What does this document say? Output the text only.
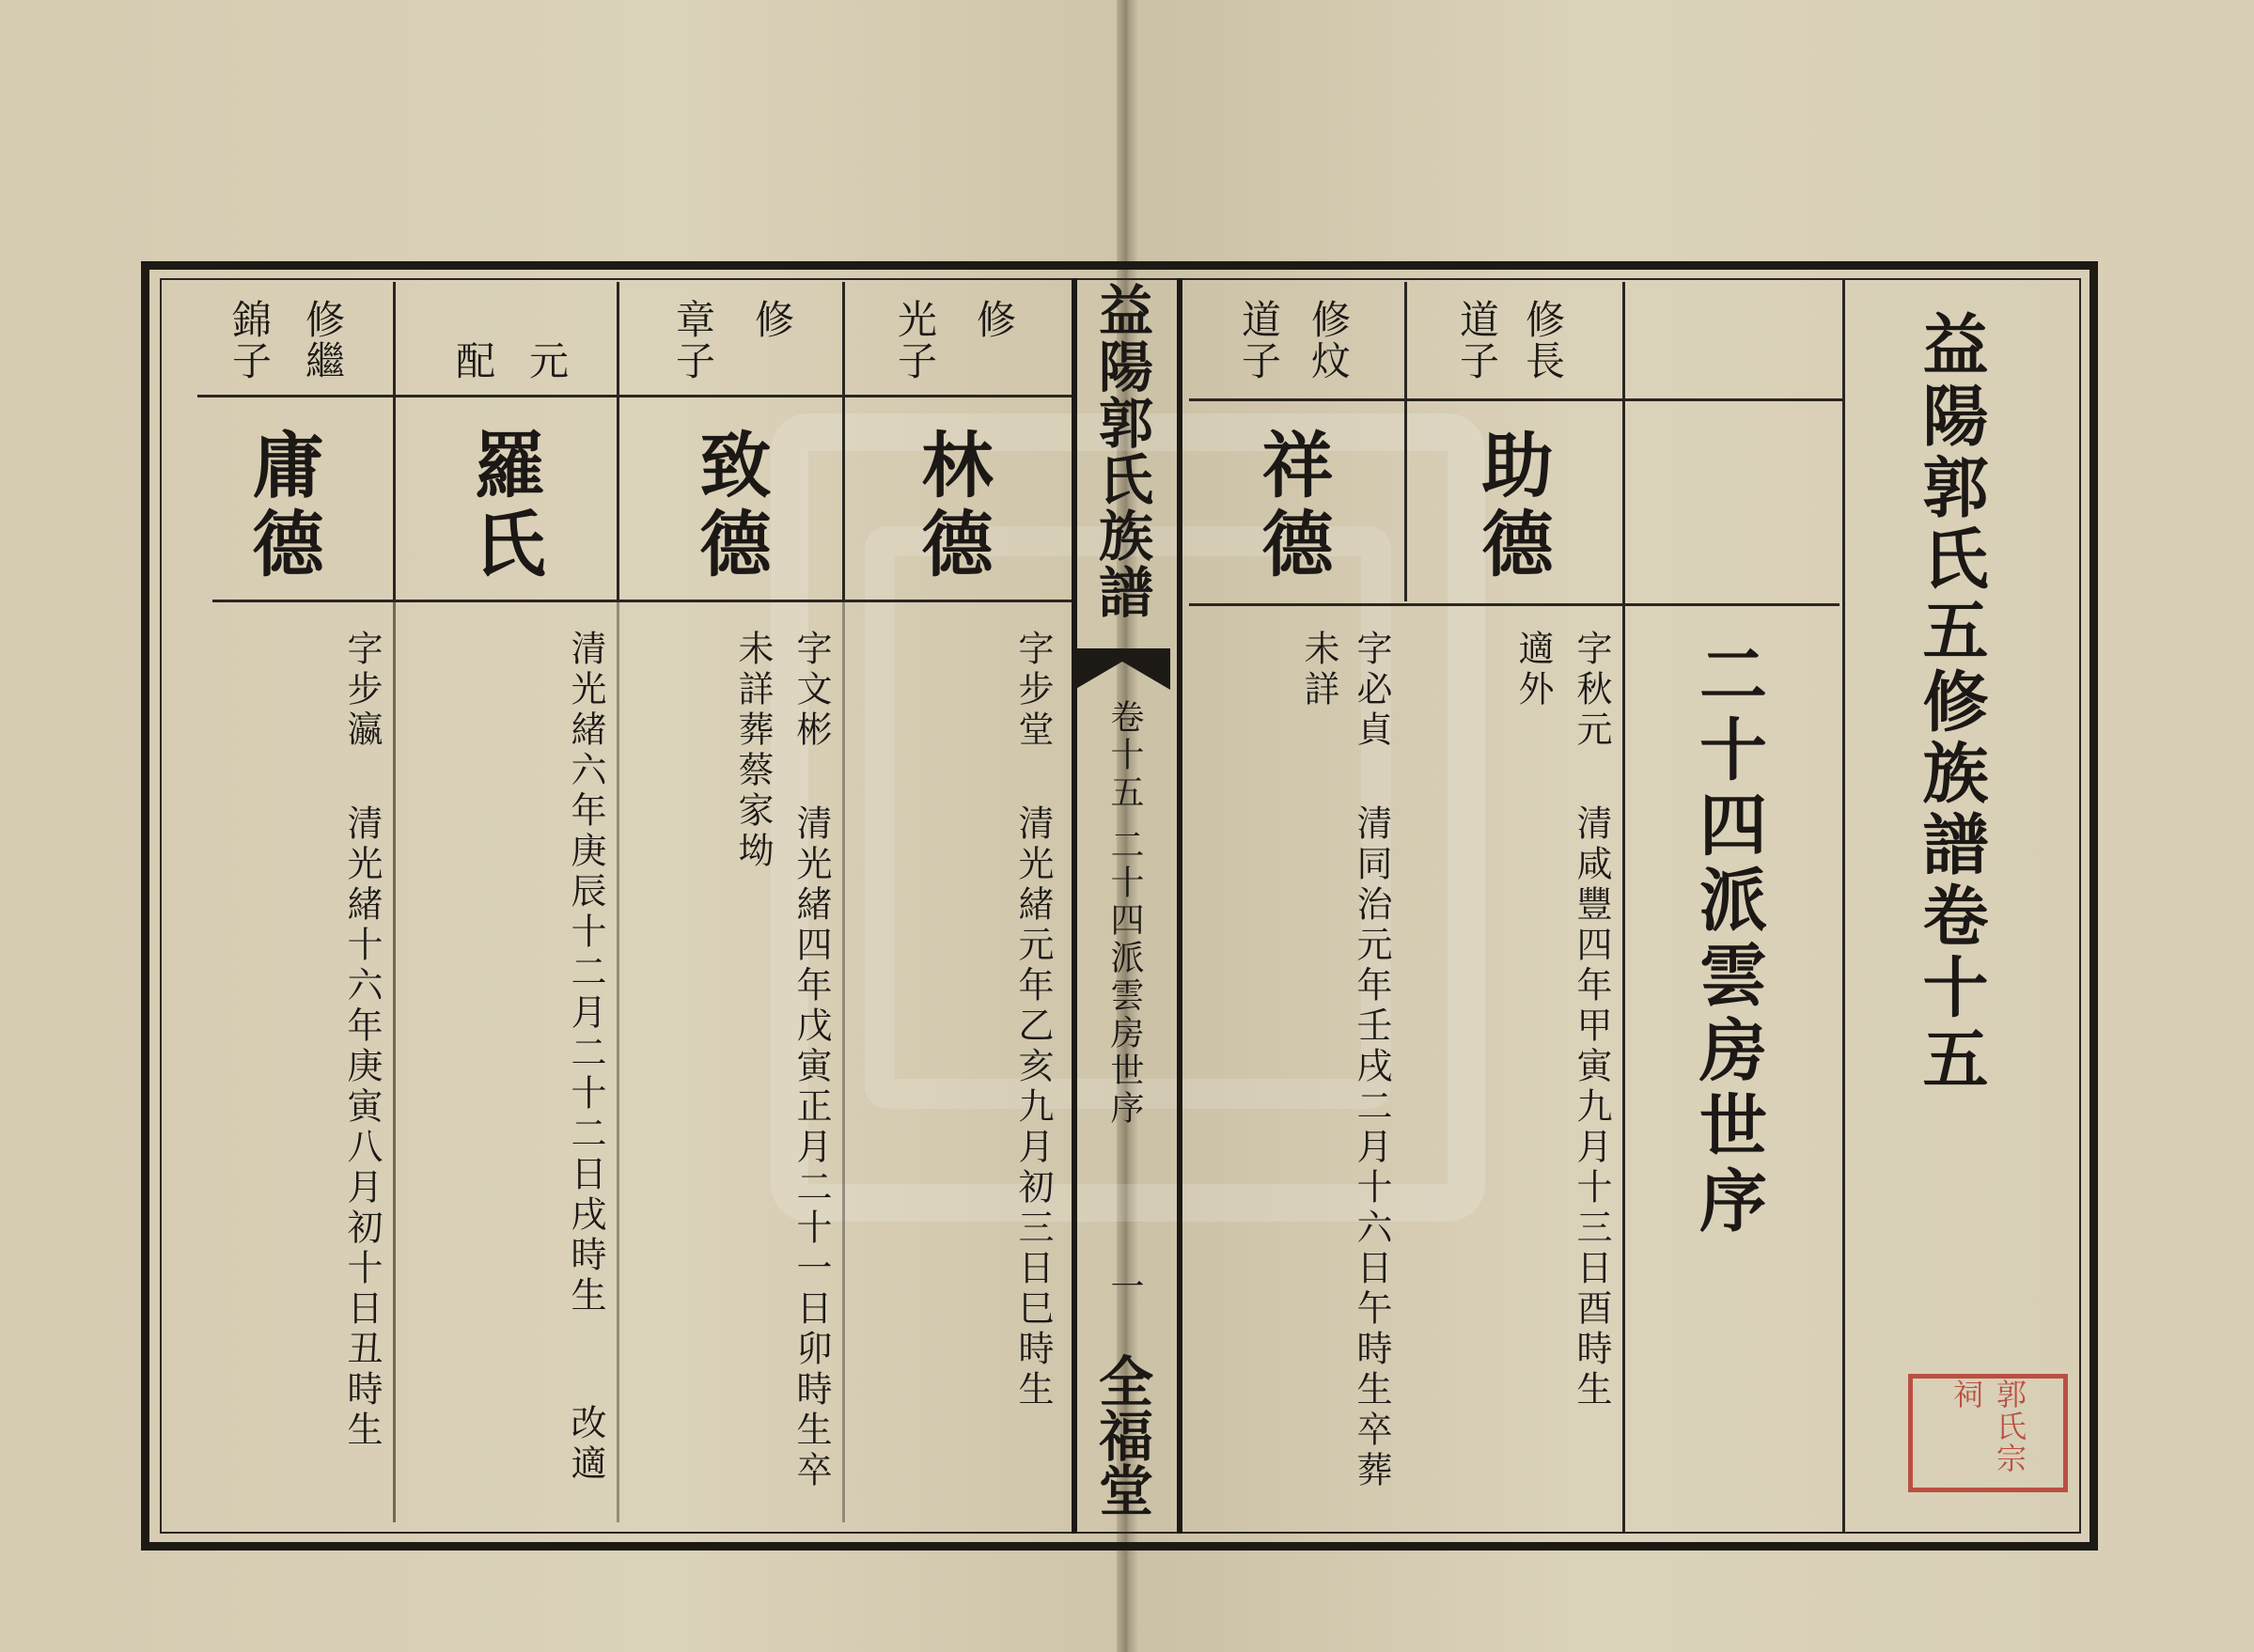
益陽郭氏五修族譜卷十五
二十四派雲房世序
益陽郭氏族譜
卷十五
二十四派雲房世序
一
全福堂
修
長
道
子
助德
字秋元
清咸豐四年甲寅九月十三日酉時生
適外
修
炆
道
子
祥德
字必貞
清同治元年壬戌二月十六日午時生卒葬
未詳
修
光
子
林德
字步堂
清光緒元年乙亥九月初三日巳時生
修
章
子
致德
字文彬
清光緒四年戊寅正月二十一日卯時生卒
未詳葬蔡家坳
元
配
羅氏
清光緒六年庚辰十二月二十二日戌時生
改適
修
繼
錦
子
庸德
字步瀛
清光緒十六年庚寅八月初十日丑時生	郭氏宗祠
